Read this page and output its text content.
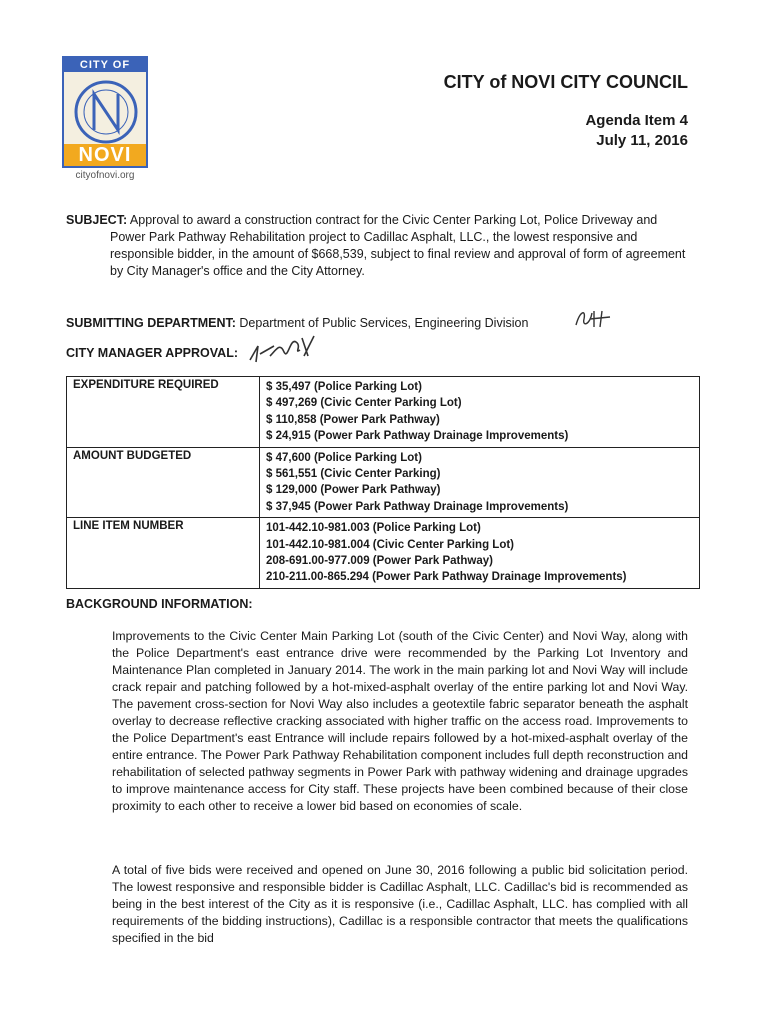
CITY OF
NOVI
cityofnovi.org
CITY of NOVI CITY COUNCIL
Agenda Item 4
July 11, 2016
SUBJECT: Approval to award a construction contract for the Civic Center Parking Lot, Police Driveway and Power Park Pathway Rehabilitation project to Cadillac Asphalt, LLC., the lowest responsive and responsible bidder, in the amount of $668,539, subject to final review and approval of form of agreement by City Manager's office and the City Attorney.
SUBMITTING DEPARTMENT: Department of Public Services, Engineering Division
CITY MANAGER APPROVAL:
EXPENDITURE REQUIRED	$ 35,497 (Police Parking Lot)
$ 497,269 (Civic Center Parking Lot)
$ 110,858 (Power Park Pathway)
$ 24,915 (Power Park Pathway Drainage Improvements)

AMOUNT BUDGETED	$ 47,600 (Police Parking Lot)
$ 561,551 (Civic Center Parking)
$ 129,000 (Power Park Pathway)
$ 37,945 (Power Park Pathway Drainage Improvements)

LINE ITEM NUMBER	101-442.10-981.003 (Police Parking Lot)
101-442.10-981.004 (Civic Center Parking Lot)
208-691.00-977.009 (Power Park Pathway)
210-211.00-865.294 (Power Park Pathway Drainage Improvements)
BACKGROUND INFORMATION:
Improvements to the Civic Center Main Parking Lot (south of the Civic Center) and Novi Way, along with the Police Department's east entrance drive were recommended by the Parking Lot Inventory and Maintenance Plan completed in January 2014. The work in the main parking lot and Novi Way will include crack repair and patching followed by a hot-mixed-asphalt overlay of the entire parking lot and Novi Way. The pavement cross-section for Novi Way also includes a geotextile fabric separator beneath the asphalt overlay to decrease reflective cracking associated with higher traffic on the access road. Improvements to the Police Department's east Entrance will include repairs followed by a hot-mixed-asphalt overlay of the entire entrance. The Power Park Pathway Rehabilitation component includes full depth reconstruction and rehabilitation of selected pathway segments in Power Park with pathway widening and drainage upgrades to improve maintenance access for City staff. These projects have been combined because of their close proximity to each other to receive a lower bid based on economies of scale.
A total of five bids were received and opened on June 30, 2016 following a public bid solicitation period. The lowest responsive and responsible bidder is Cadillac Asphalt, LLC. Cadillac's bid is recommended as being in the best interest of the City as it is responsive (i.e., Cadillac Asphalt, LLC. has complied with all requirements of the bidding instructions), Cadillac is a responsible contractor that meets the qualifications specified in the bid
